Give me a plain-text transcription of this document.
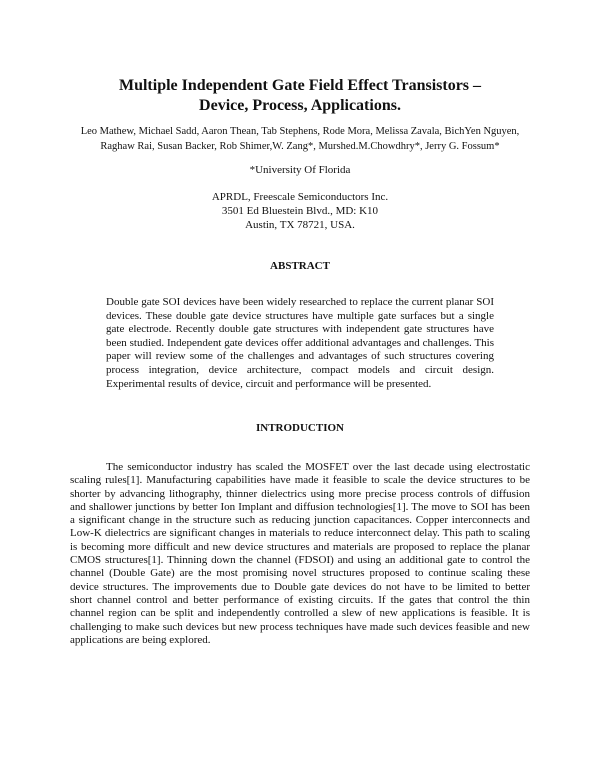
Multiple Independent Gate Field Effect Transistors –
Device, Process, Applications.
Leo Mathew, Michael Sadd, Aaron Thean, Tab Stephens, Rode Mora, Melissa Zavala, BichYen Nguyen,
Raghaw Rai, Susan Backer, Rob Shimer,W. Zang*, Murshed.M.Chowdhry*, Jerry G. Fossum*
*University Of Florida
APRDL, Freescale Semiconductors Inc.
3501 Ed Bluestein Blvd., MD: K10
Austin, TX 78721, USA.
ABSTRACT

Double gate SOI devices have been widely researched to replace the current planar SOI devices. These double gate device structures have multiple gate surfaces but a single gate electrode. Recently double gate structures with independent gate structures have been studied. Independent gate devices offer additional advantages and challenges. This paper will review some of the challenges and advantages of such structures covering process integration, device architecture, compact models and circuit design. Experimental results of device, circuit and performance will be presented.

INTRODUCTION

The semiconductor industry has scaled the MOSFET over the last decade using electrostatic scaling rules[1]. Manufacturing capabilities have made it feasible to scale the device structures to be shorter by advancing lithography, thinner dielectrics using more precise process controls of diffusion and shallower junctions by better Ion Implant and diffusion technologies[1]. The move to SOI has been a significant change in the structure such as reducing junction capacitances. Copper interconnects and Low-K dielectrics are significant changes in materials to reduce interconnect delay. This path to scaling is becoming more difficult and new device structures and materials are proposed to replace the planar CMOS structures[1]. Thinning down the channel (FDSOI) and using an additional gate to control the channel (Double Gate) are the most promising novel structures proposed to continue scaling these device structures. The improvements due to Double gate devices do not have to be limited to better short channel control and better performance of existing circuits. If the gates that control the thin channel region can be split and independently controlled a slew of new applications is feasible. It is challenging to make such devices but new process techniques have made such devices feasible and new applications are being explored.
